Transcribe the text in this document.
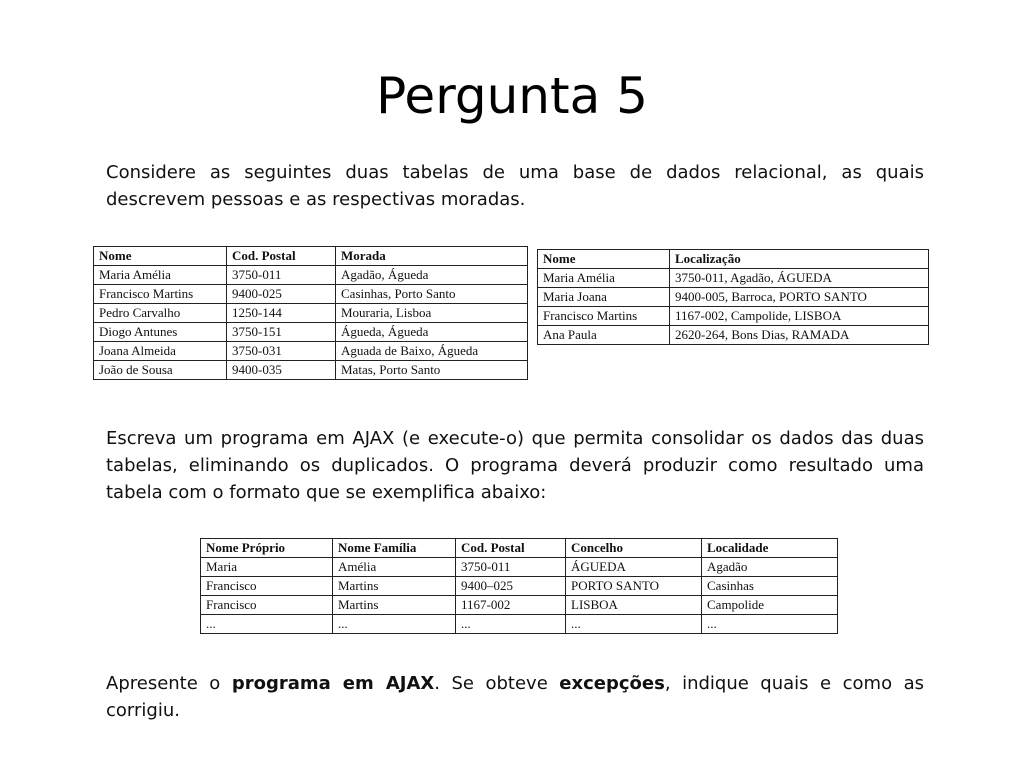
Pergunta 5
Considere as seguintes duas tabelas de uma base de dados relacional, as quais descrevem pessoas e as respectivas moradas.
Nome	Cod. Postal	Morada
Maria Amélia	3750-011	Agadão, Águeda
Francisco Martins	9400-025	Casinhas, Porto Santo
Pedro Carvalho	1250-144	Mouraria, Lisboa
Diogo Antunes	3750-151	Águeda, Águeda
Joana Almeida	3750-031	Aguada de Baixo, Águeda
João de Sousa	9400-035	Matas, Porto Santo
Nome	Localização
Maria Amélia	3750-011, Agadão, ÁGUEDA
Maria Joana	9400-005, Barroca, PORTO SANTO
Francisco Martins	1167-002, Campolide, LISBOA
Ana Paula	2620-264, Bons Dias, RAMADA
Escreva um programa em AJAX (e execute-o) que permita consolidar os dados das duas tabelas, eliminando os duplicados. O programa deverá produzir como resultado uma tabela com o formato que se exemplifica abaixo:
Nome Próprio	Nome Família	Cod. Postal	Concelho	Localidade
Maria	Amélia	3750-011	ÁGUEDA	Agadão
Francisco	Martins	9400–025	PORTO SANTO	Casinhas
Francisco	Martins	1167-002	LISBOA	Campolide
...	...	...	...	...
Apresente o programa em AJAX. Se obteve excepções, indique quais e como as corrigiu.
